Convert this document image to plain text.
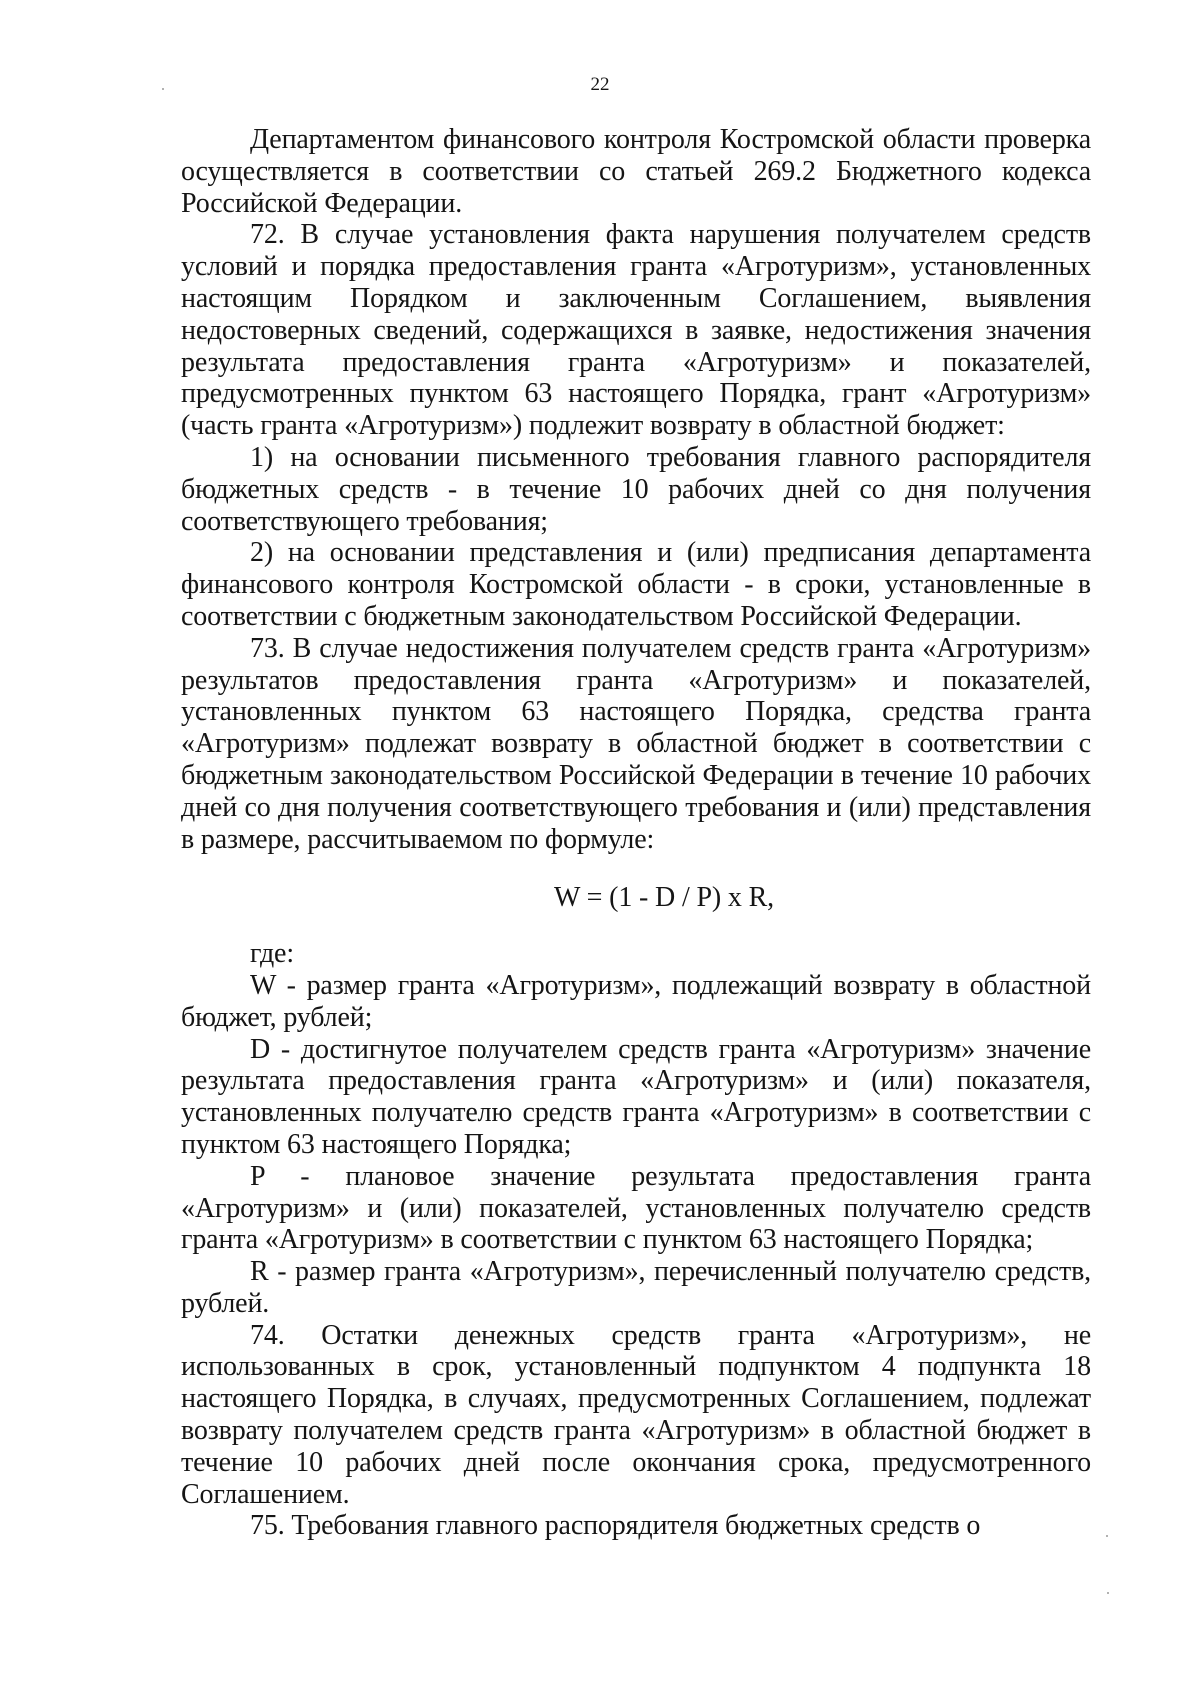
22

Департаментом финансового контроля Костромской области проверка осуществляется в соответствии со статьей 269.2 Бюджетного кодекса Российской Федерации.

72. В случае установления факта нарушения получателем средств условий и порядка предоставления гранта «Агротуризм», установленных настоящим Порядком и заключенным Соглашением, выявления недостоверных сведений, содержащихся в заявке, недостижения значения результата предоставления гранта «Агротуризм» и показателей, предусмотренных пунктом 63 настоящего Порядка, грант «Агротуризм» (часть гранта «Агротуризм») подлежит возврату в областной бюджет:

1) на основании письменного требования главного распорядителя бюджетных средств - в течение 10 рабочих дней со дня получения соответствующего требования;

2) на основании представления и (или) предписания департамента финансового контроля Костромской области - в сроки, установленные в соответствии с бюджетным законодательством Российской Федерации.

73. В случае недостижения получателем средств гранта «Агротуризм» результатов предоставления гранта «Агротуризм» и показателей, установленных пунктом 63 настоящего Порядка, средства гранта «Агротуризм» подлежат возврату в областной бюджет в соответствии с бюджетным законодательством Российской Федерации в течение 10 рабочих дней со дня получения соответствующего требования и (или) представления в размере, рассчитываемом по формуле:

W = (1 - D / P) x R,

где:

W - размер гранта «Агротуризм», подлежащий возврату в областной бюджет, рублей;

D - достигнутое получателем средств гранта «Агротуризм» значение результата предоставления гранта «Агротуризм» и (или) показателя, установленных получателю средств гранта «Агротуризм» в соответствии с пунктом 63 настоящего Порядка;

P - плановое значение результата предоставления гранта «Агротуризм» и (или) показателей, установленных получателю средств гранта «Агротуризм» в соответствии с пунктом 63 настоящего Порядка;

R - размер гранта «Агротуризм», перечисленный получателю средств, рублей.

74. Остатки денежных средств гранта «Агротуризм», не использованных в срок, установленный подпунктом 4 подпункта 18 настоящего Порядка, в случаях, предусмотренных Соглашением, подлежат возврату получателем средств гранта «Агротуризм» в областной бюджет в течение 10 рабочих дней после окончания срока, предусмотренного Соглашением.

75. Требования главного распорядителя бюджетных средств о
